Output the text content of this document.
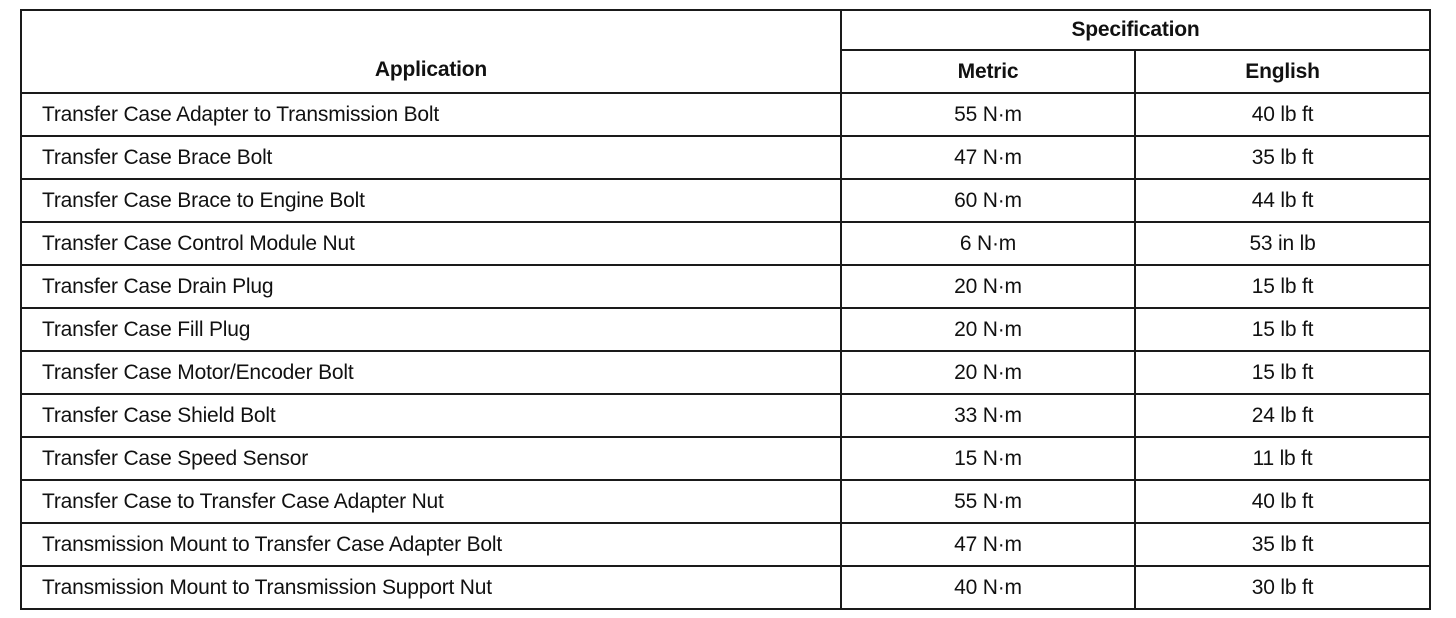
Application	Specification	
	Metric	English
Transfer Case Adapter to Transmission Bolt	55 N·m	40 lb ft
Transfer Case Brace Bolt	47 N·m	35 lb ft
Transfer Case Brace to Engine Bolt	60 N·m	44 lb ft
Transfer Case Control Module Nut	6 N·m	53 in lb
Transfer Case Drain Plug	20 N·m	15 lb ft
Transfer Case Fill Plug	20 N·m	15 lb ft
Transfer Case Motor/Encoder Bolt	20 N·m	15 lb ft
Transfer Case Shield Bolt	33 N·m	24 lb ft
Transfer Case Speed Sensor	15 N·m	11 lb ft
Transfer Case to Transfer Case Adapter Nut	55 N·m	40 lb ft
Transmission Mount to Transfer Case Adapter Bolt	47 N·m	35 lb ft
Transmission Mount to Transmission Support Nut	40 N·m	30 lb ft
